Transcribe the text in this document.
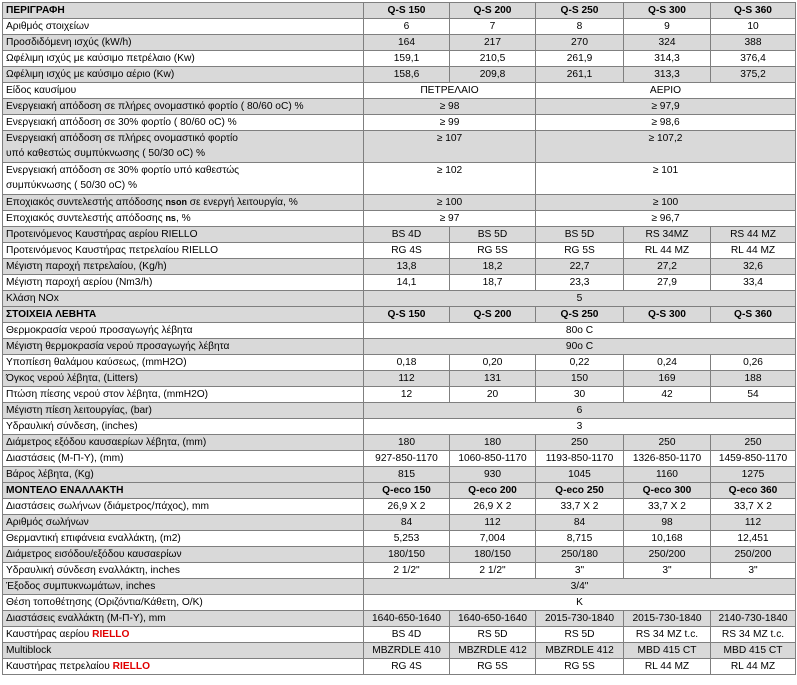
ΠΕΡΙΓΡΑΦΗ	Q-S 150	Q-S 200	Q-S 250	Q-S 300	Q-S 360
Αριθμός στοιχείων	6	7	8	9	10
Προσδιδόμενη ισχύς (kW/h)	164	217	270	324	388
Ωφέλιμη ισχύς με καύσιμο πετρέλαιο (Kw)	159,1	210,5	261,9	314,3	376,4
Ωφέλιμη ισχύς με καύσιμο αέριο (Kw)	158,6	209,8	261,1	313,3	375,2
Είδος καυσίμου	ΠΕΤΡΕΛΑΙΟ		ΑΕΡΙΟ		
Ενεργειακή απόδοση σε πλήρες ονομαστικό φορτίο ( 80/60 oC) %	≥ 98		≥ 97,9		
Ενεργειακή απόδοση σε 30% φορτίο ( 80/60 oC) %	≥ 99		≥ 98,6		

Ενεργειακή απόδοση σε πλήρες ονομαστικό φορτίο
υπό καθεστώς συμπύκνωσης ( 50/30 oC) %	≥ 107		≥ 107,2		

Ενεργειακή απόδοση σε 30% φορτίο υπό καθεστώς
συμπύκνωσης ( 50/30 oC) %	≥ 102		≥ 101		
Εποχιακός συντελεστής απόδοσης nson σε ενεργή λειτουργία, %	≥ 100		≥ 100		
Εποχιακός συντελεστής απόδοσης ns, %	≥ 97		≥ 96,7		
Προτεινόμενος Καυστήρας αερίου RIELLO	BS 4D	BS 5D	BS 5D	RS 34MZ	RS 44 MZ
Προτεινόμενος Καυστήρας πετρελαίου RIELLO	RG 4S	RG 5S	RG 5S	RL 44 MZ	RL 44 MZ
Μέγιστη παροχή πετρελαίου, (Kg/h)	13,8	18,2	22,7	27,2	32,6
Μέγιστη παροχή αερίου (Nm3/h)	14,1	18,7	23,3	27,9	33,4
Κλάση NOx	5				
ΣΤΟΙΧΕΙΑ ΛΕΒΗΤΑ	Q-S 150	Q-S 200	Q-S 250	Q-S 300	Q-S 360
Θερμοκρασία νερού προσαγωγής λέβητα	80o C				
Μέγιστη θερμοκρασία νερού προσαγωγής λέβητα	90o C				
Υποπίεση θαλάμου καύσεως, (mmH2O)	0,18	0,20	0,22	0,24	0,26
Όγκος νερού λέβητα, (Litters)	112	131	150	169	188
Πτώση πίεσης νερού στον λέβητα, (mmH2O)	12	20	30	42	54
Μέγιστη πίεση λειτουργίας, (bar)	6				
Υδραυλική σύνδεση, (inches)	3				
Διάμετρος εξόδου καυσαερίων λέβητα, (mm)	180	180	250	250	250
Διαστάσεις (Μ-Π-Υ), (mm)	927-850-1170	1060-850-1170	1193-850-1170	1326-850-1170	1459-850-1170
Βάρος λέβητα, (Kg)	815	930	1045	1160	1275
ΜΟΝΤΕΛΟ ΕΝΑΛΛΑΚΤΗ	Q-eco 150	Q-eco 200	Q-eco 250	Q-eco 300	Q-eco 360
Διαστάσεις σωλήνων (διάμετρος/πάχος), mm	26,9 X 2	26,9 X 2	33,7 X 2	33,7 X 2	33,7 X 2
Αριθμός σωλήνων	84	112	84	98	112
Θερμαντική επιφάνεια εναλλάκτη, (m2)	5,253	7,004	8,715	10,168	12,451
Διάμετρος εισόδου/εξόδου καυσαερίων	180/150	180/150	250/180	250/200	250/200
Υδραυλική σύνδεση εναλλάκτη, inches	2 1/2"	2 1/2"	3"	3"	3"
Έξοδος συμπυκνωμάτων, inches	3/4"				
Θέση τοποθέτησης (Οριζόντια/Κάθετη, Ο/Κ)	K				
Διαστάσεις εναλλάκτη (Μ-Π-Υ), mm	1640-650-1640	1640-650-1640	2015-730-1840	2015-730-1840	2140-730-1840
Καυστήρας αερίου RIELLO	BS 4D	RS 5D	RS 5D	RS 34 MZ t.c.	RS 34 MZ t.c.
Multiblock	MBZRDLE 410	MBZRDLE 412	MBZRDLE 412	MBD 415 CT	MBD 415 CT
Καυστήρας πετρελαίου RIELLO	RG 4S	RG 5S	RG 5S	RL 44 MZ	RL 44 MZ
